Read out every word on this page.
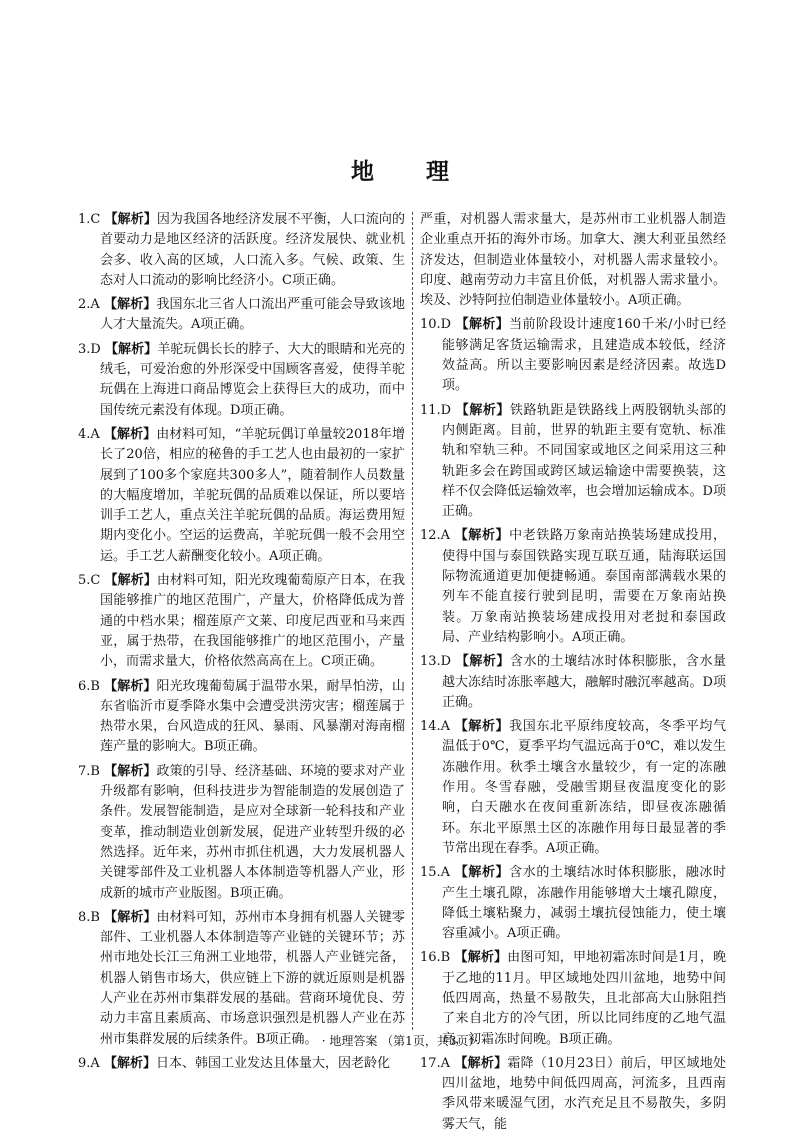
地 理

1.C 【解析】因为我国各地经济发展不平衡，人口流向的首要动力是地区经济的活跃度。经济发展快、就业机会多、收入高的区域，人口流入多。气候、政策、生态对人口流动的影响比经济小。C项正确。

2.A 【解析】我国东北三省人口流出严重可能会导致该地人才大量流失。A项正确。

3.D 【解析】羊驼玩偶长长的脖子、大大的眼睛和光亮的绒毛，可爱治愈的外形深受中国顾客喜爱，使得羊驼玩偶在上海进口商品博览会上获得巨大的成功，而中国传统元素没有体现。D项正确。

4.A 【解析】由材料可知，“羊驼玩偶订单量较2018年增长了20倍，相应的秘鲁的手工艺人也由最初的一家扩展到了100多个家庭共300多人”，随着制作人员数量的大幅度增加，羊驼玩偶的品质难以保证，所以要培训手工艺人，重点关注羊驼玩偶的品质。海运费用短期内变化小。空运的运费高，羊驼玩偶一般不会用空运。手工艺人薪酬变化较小。A项正确。

5.C 【解析】由材料可知，阳光玫瑰葡萄原产日本，在我国能够推广的地区范围广，产量大，价格降低成为普通的中档水果；榴莲原产文莱、印度尼西亚和马来西亚，属于热带，在我国能够推广的地区范围小，产量小，而需求量大，价格依然高高在上。C项正确。

6.B 【解析】阳光玫瑰葡萄属于温带水果，耐旱怕涝，山东省临沂市夏季降水集中会遭受洪涝灾害；榴莲属于热带水果，台风造成的狂风、暴雨、风暴潮对海南榴莲产量的影响大。B项正确。

7.B 【解析】政策的引导、经济基础、环境的要求对产业升级都有影响，但科技进步为智能制造的发展创造了条件。发展智能制造，是应对全球新一轮科技和产业变革，推动制造业创新发展，促进产业转型升级的必然选择。近年来，苏州市抓住机遇，大力发展机器人关键零部件及工业机器人本体制造等机器人产业，形成新的城市产业版图。B项正确。

8.B 【解析】由材料可知，苏州市本身拥有机器人关键零部件、工业机器人本体制造等产业链的关键环节；苏州市地处长江三角洲工业地带，机器人产业链完备，机器人销售市场大，供应链上下游的就近原则是机器人产业在苏州市集群发展的基础。营商环境优良、劳动力丰富且素质高、市场意识强烈是机器人产业在苏州市集群发展的后续条件。B项正确。

9.A 【解析】日本、韩国工业发达且体量大，因老龄化

严重，对机器人需求量大，是苏州市工业机器人制造企业重点开拓的海外市场。加拿大、澳大利亚虽然经济发达，但制造业体量较小，对机器人需求量较小。印度、越南劳动力丰富且价低，对机器人需求量小。埃及、沙特阿拉伯制造业体量较小。A项正确。

10.D 【解析】当前阶段设计速度160千米/小时已经能够满足客货运输需求，且建造成本较低，经济效益高。所以主要影响因素是经济因素。故选D项。

11.D 【解析】铁路轨距是铁路线上两股钢轨头部的内侧距离。目前，世界的轨距主要有宽轨、标准轨和窄轨三种。不同国家或地区之间采用这三种轨距多会在跨国或跨区域运输途中需要换装，这样不仅会降低运输效率，也会增加运输成本。D项正确。

12.A 【解析】中老铁路万象南站换装场建成投用，使得中国与泰国铁路实现互联互通，陆海联运国际物流通道更加便捷畅通。泰国南部满载水果的列车不能直接行驶到昆明，需要在万象南站换装。万象南站换装场建成投用对老挝和泰国政局、产业结构影响小。A项正确。

13.D 【解析】含水的土壤结冰时体积膨胀，含水量越大冻结时冻胀率越大，融解时融沉率越高。D项正确。

14.A 【解析】我国东北平原纬度较高，冬季平均气温低于0℃，夏季平均气温远高于0℃，难以发生冻融作用。秋季土壤含水量较少，有一定的冻融作用。冬雪春融，受融雪期昼夜温度变化的影响，白天融水在夜间重新冻结，即昼夜冻融循环。东北平原黑土区的冻融作用每日最显著的季节常出现在春季。A项正确。

15.A 【解析】含水的土壤结冰时体积膨胀，融冰时产生土壤孔隙，冻融作用能够增大土壤孔隙度，降低土壤粘聚力，减弱土壤抗侵蚀能力，使土壤容重减小。A项正确。

16.B 【解析】由图可知，甲地初霜冻时间是1月，晚于乙地的11月。甲区域地处四川盆地，地势中间低四周高，热量不易散失，且北部高大山脉阻挡了来自北方的冷气团，所以比同纬度的乙地气温高，初霜冻时间晚。B项正确。

17.A 【解析】霜降（10月23日）前后，甲区域地处四川盆地，地势中间低四周高，河流多，且西南季风带来暖湿气团，水汽充足且不易散失，多阴雾天气，能

· 地理答案 （第1页，共3页）·
